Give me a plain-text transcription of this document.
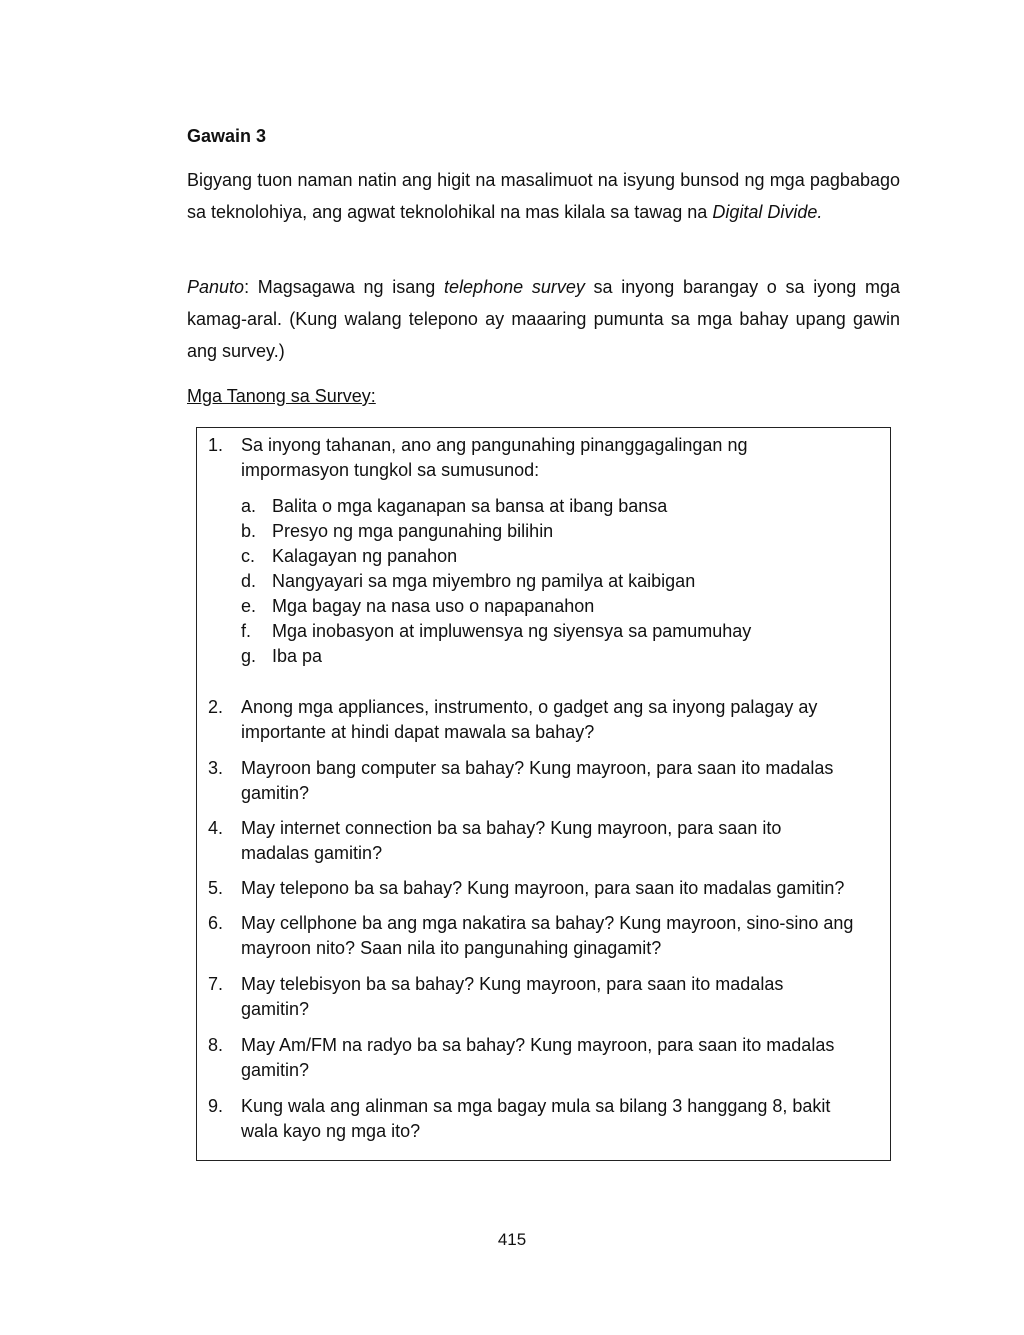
Gawain 3
Bigyang tuon naman natin ang higit na masalimuot na isyung bunsod ng mga pagbabago sa teknolohiya, ang agwat teknolohikal na mas kilala sa tawag na Digital Divide.
Panuto: Magsagawa ng isang telephone survey sa inyong barangay o sa iyong mga kamag-aral. (Kung walang telepono ay maaaring pumunta sa mga bahay upang gawin ang survey.)
Mga Tanong sa Survey:
1. Sa inyong tahanan, ano ang pangunahing pinanggagalingan ng impormasyon tungkol sa sumusunod:
a. Balita o mga kaganapan sa bansa at ibang bansa
b. Presyo ng mga pangunahing bilihin
c. Kalagayan ng panahon
d. Nangyayari sa mga miyembro ng pamilya at kaibigan
e. Mga bagay na nasa uso o napapanahon
f.	Mga inobasyon at impluwensya ng siyensya sa pamumuhay
g. Iba pa
2. Anong mga appliances, instrumento, o gadget ang sa inyong palagay ay importante at hindi dapat mawala sa bahay?
3. Mayroon bang computer sa bahay? Kung mayroon, para saan ito madalas gamitin?
4. May internet connection ba sa bahay? Kung mayroon, para saan ito madalas gamitin?
5. May telepono ba sa bahay? Kung mayroon, para saan ito madalas gamitin?
6. May cellphone ba ang mga nakatira sa bahay? Kung mayroon, sino-sino ang mayroon nito? Saan nila ito pangunahing ginagamit?
7. May telebisyon ba sa bahay? Kung mayroon, para saan ito madalas gamitin?
8. May Am/FM na radyo ba sa bahay? Kung mayroon, para saan ito madalas gamitin?
9. Kung wala ang alinman sa mga bagay mula sa bilang 3 hanggang 8, bakit wala kayo ng mga ito?
415
